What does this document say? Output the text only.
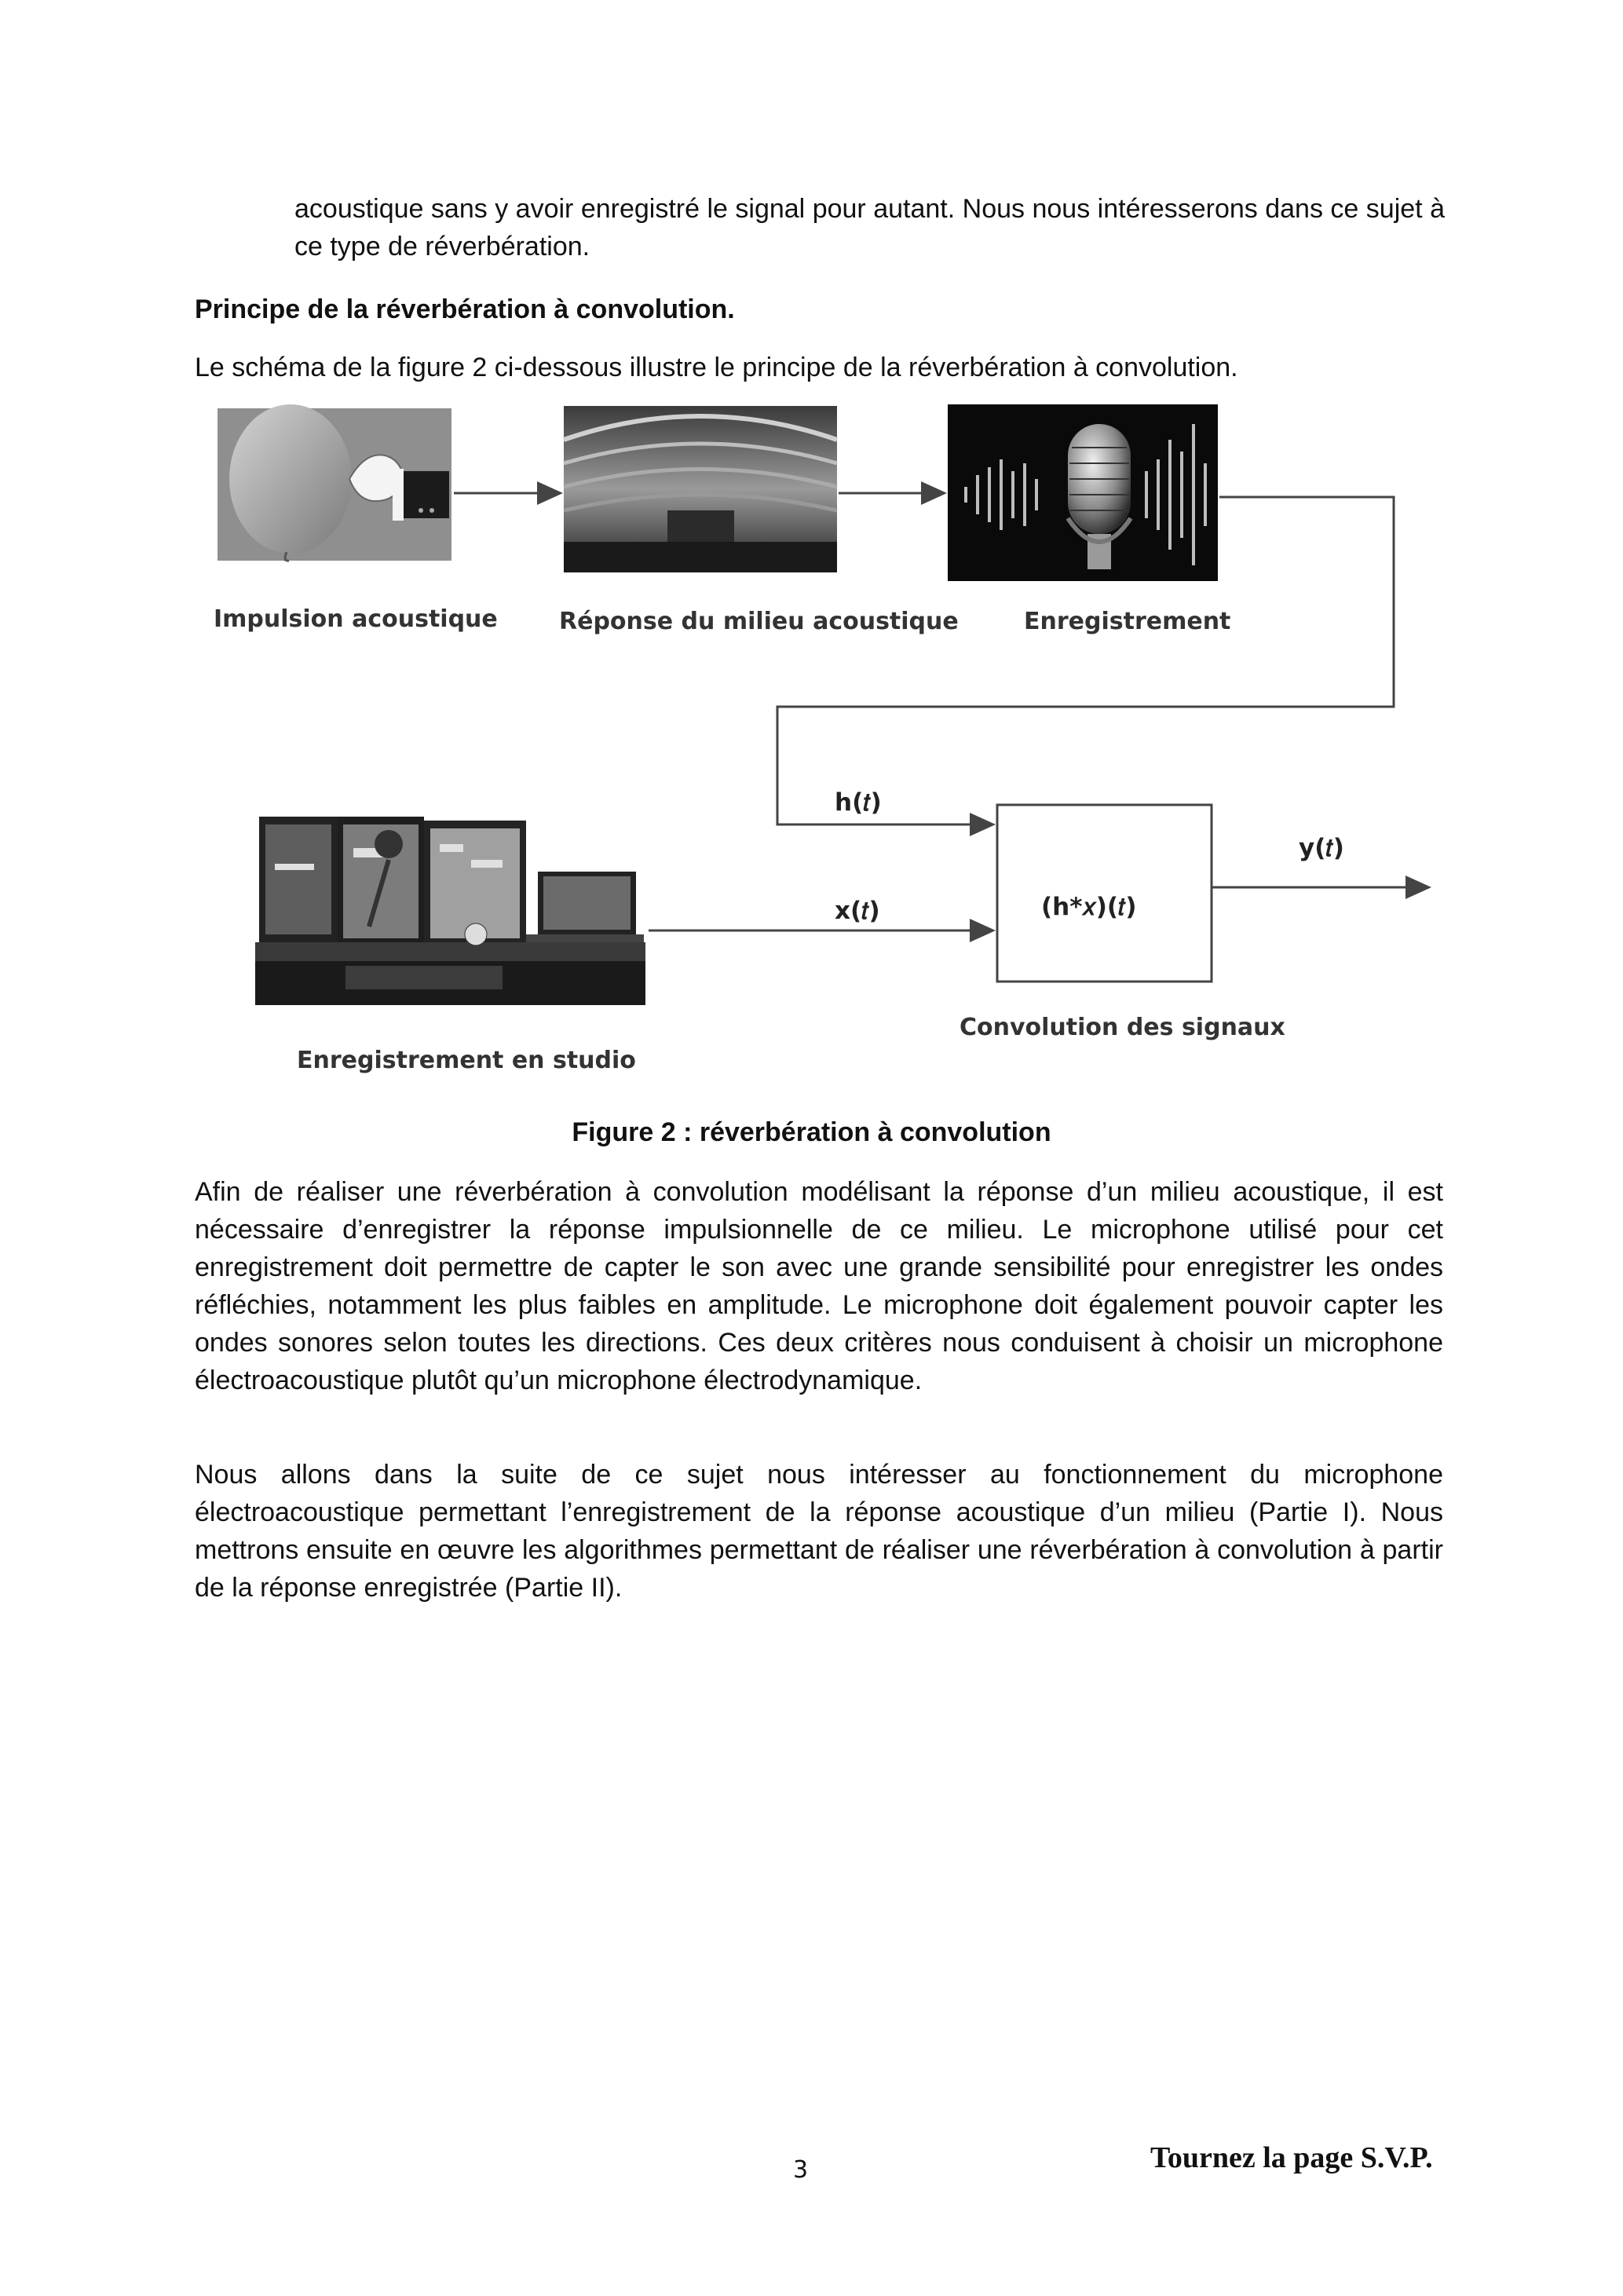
acoustique sans y avoir enregistré le signal pour autant. Nous nous intéresserons dans ce sujet à ce type de réverbération.

Principe de la réverbération à convolution.

Le schéma de la figure 2 ci-dessous illustre le principe de la réverbération à convolution.

Impulsion acoustique	Réponse du milieu acoustique	Enregistrement
Enregistrement en studio
Convolution des signaux
h(𝑡)
x(𝑡)	(h*𝑥)(𝑡)
y(𝑡)

Figure 2 : réverbération à convolution

Afin de réaliser une réverbération à convolution modélisant la réponse d’un milieu acoustique, il est nécessaire d’enregistrer la réponse impulsionnelle de ce milieu. Le microphone utilisé pour cet enregistrement doit permettre de capter le son avec une grande sensibilité pour enregistrer les ondes réfléchies, notamment les plus faibles en amplitude. Le microphone doit également pouvoir capter les ondes sonores selon toutes les directions. Ces deux critères nous conduisent à choisir un microphone électroacoustique plutôt qu’un microphone électrodynamique.

Nous allons dans la suite de ce sujet nous intéresser au fonctionnement du microphone électroacoustique permettant l’enregistrement de la réponse acoustique d’un milieu (Partie I). Nous mettrons ensuite en œuvre les algorithmes permettant de réaliser une réverbération à convolution à partir de la réponse enregistrée (Partie II).

3	Tournez la page S.V.P.
